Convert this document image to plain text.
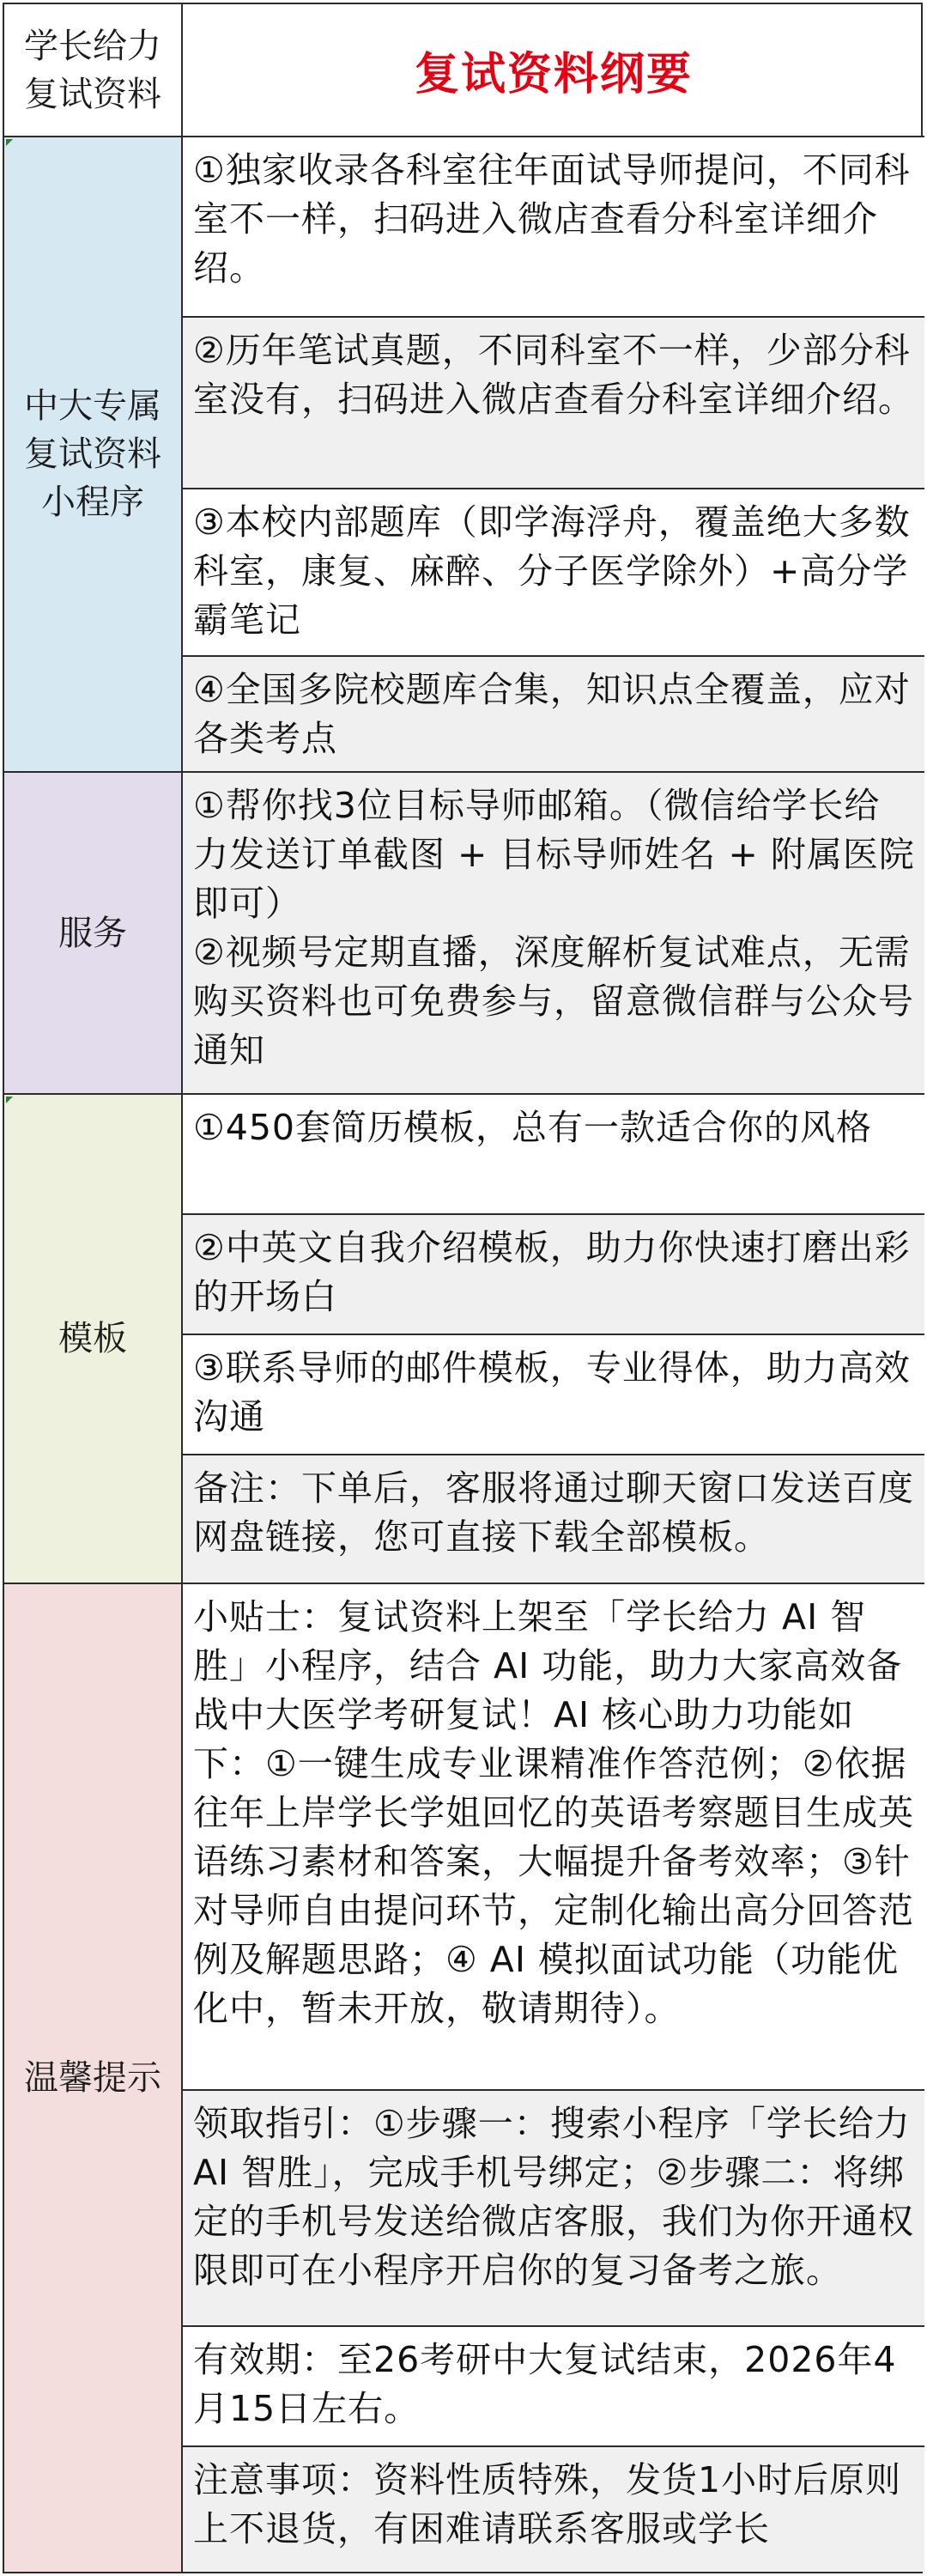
学长给力
复试资料	复试资料纲要
中大专属
复试资料
小程序
①独家收录各科室往年面试导师提问，不同科室不一样，扫码进入微店查看分科室详细介绍。
②历年笔试真题，不同科室不一样，少部分科室没有，扫码进入微店查看分科室详细介绍。
③本校内部题库（即学海浮舟，覆盖绝大多数科室，康复、麻醉、分子医学除外）+高分学霸笔记
④全国多院校题库合集，知识点全覆盖，应对各类考点
服务
①帮你找3位目标导师邮箱。（微信给学长给力发送订单截图 + 目标导师姓名 + 附属医院即可）
②视频号定期直播，深度解析复试难点，无需购买资料也可免费参与，留意微信群与公众号通知
模板
①450套简历模板，总有一款适合你的风格
②中英文自我介绍模板，助力你快速打磨出彩的开场白
③联系导师的邮件模板，专业得体，助力高效沟通
备注：下单后，客服将通过聊天窗口发送百度网盘链接，您可直接下载全部模板。
温馨提示
小贴士：复试资料上架至「学长给力 AI 智胜」小程序，结合 AI 功能，助力大家高效备战中大医学考研复试！AI 核心助力功能如下：①一键生成专业课精准作答范例；②依据往年上岸学长学姐回忆的英语考察题目生成英语练习素材和答案，大幅提升备考效率；③针对导师自由提问环节，定制化输出高分回答范例及解题思路；④ AI 模拟面试功能（功能优化中，暂未开放，敬请期待）。
领取指引：①步骤一：搜索小程序「学长给力 AI 智胜」，完成手机号绑定；②步骤二：将绑定的手机号发送给微店客服，我们为你开通权限即可在小程序开启你的复习备考之旅。
有效期：至26考研中大复试结束，2026年4月15日左右。
注意事项：资料性质特殊，发货1小时后原则上不退货，有困难请联系客服或学长
